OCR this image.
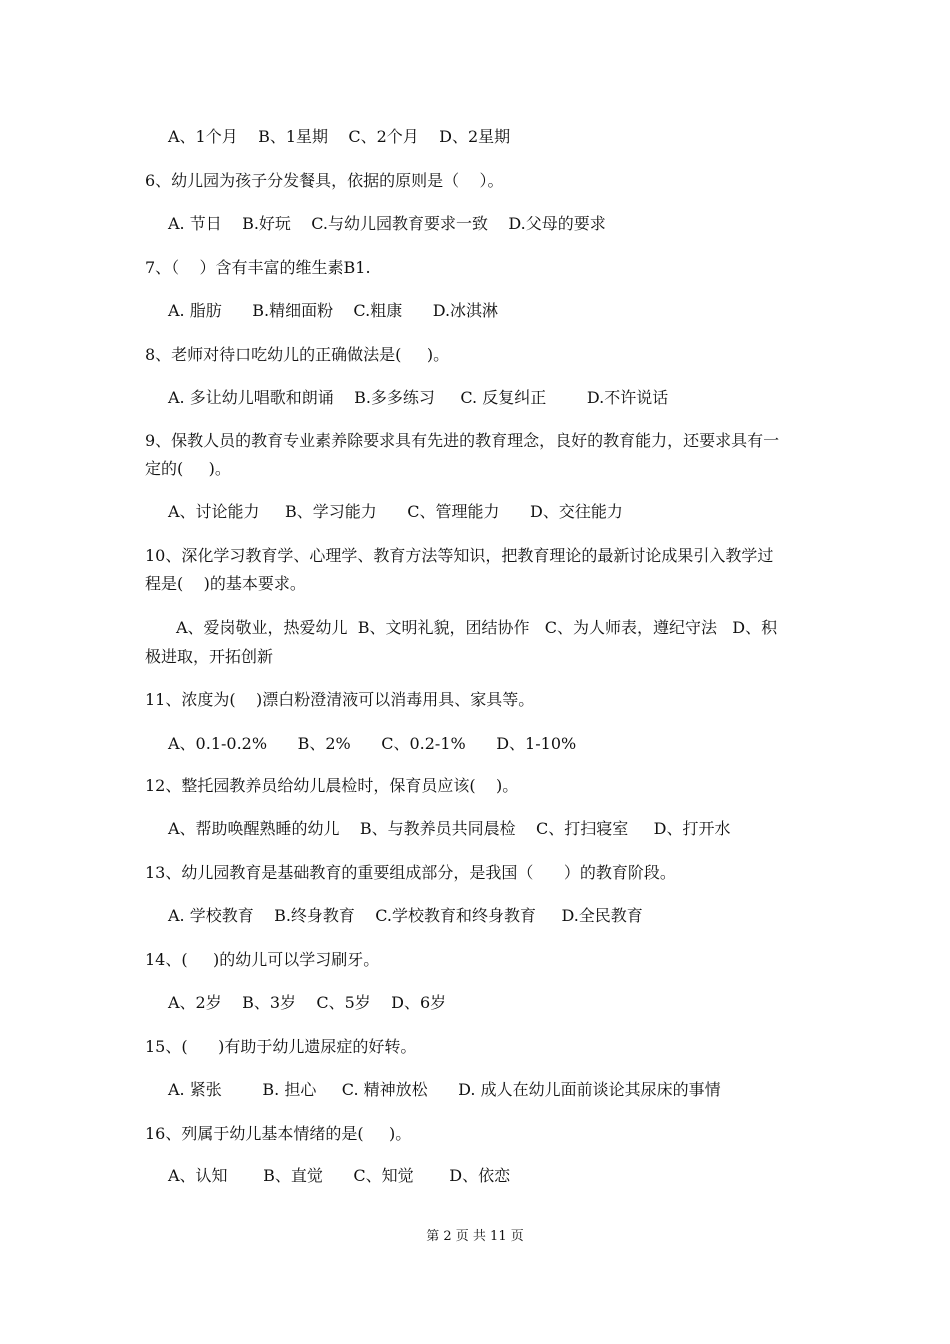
A、1个月    B、1星期    C、2个月    D、2星期
6、幼儿园为孩子分发餐具，依据的原则是（    ）。
A. 节日    B.好玩    C.与幼儿园教育要求一致    D.父母的要求
7、（    ）含有丰富的维生素B1.
A. 脂肪      B.精细面粉    C.粗康      D.冰淇淋
8、老师对待口吃幼儿的正确做法是(     )。
A. 多让幼儿唱歌和朗诵    B.多多练习     C. 反复纠正        D.不许说话
9、保教人员的教育专业素养除要求具有先进的教育理念，良好的教育能力，还要求具有一
定的(     )。
A、讨论能力     B、学习能力      C、管理能力      D、交往能力
10、深化学习教育学、心理学、教育方法等知识，把教育理论的最新讨论成果引入教学过
程是(    )的基本要求。
A、爱岗敬业，热爱幼儿  B、文明礼貌，团结协作   C、为人师表，遵纪守法   D、积
极进取，开拓创新
11、浓度为(    )漂白粉澄清液可以消毒用具、家具等。
A、0.1-0.2%      B、2%      C、0.2-1%      D、1-10%
12、整托园教养员给幼儿晨检时，保育员应该(    )。
A、帮助唤醒熟睡的幼儿    B、与教养员共同晨检    C、打扫寝室     D、打开水
13、幼儿园教育是基础教育的重要组成部分，是我国（      ）的教育阶段。
A. 学校教育    B.终身教育    C.学校教育和终身教育     D.全民教育
14、(     )的幼儿可以学习刷牙。
A、2岁    B、3岁    C、5岁    D、6岁
15、(      )有助于幼儿遗尿症的好转。
A. 紧张        B. 担心     C. 精神放松      D. 成人在幼儿面前谈论其尿床的事情
16、列属于幼儿基本情绪的是(     )。
A、认知       B、直觉      C、知觉       D、依恋
第 2 页 共 11 页
